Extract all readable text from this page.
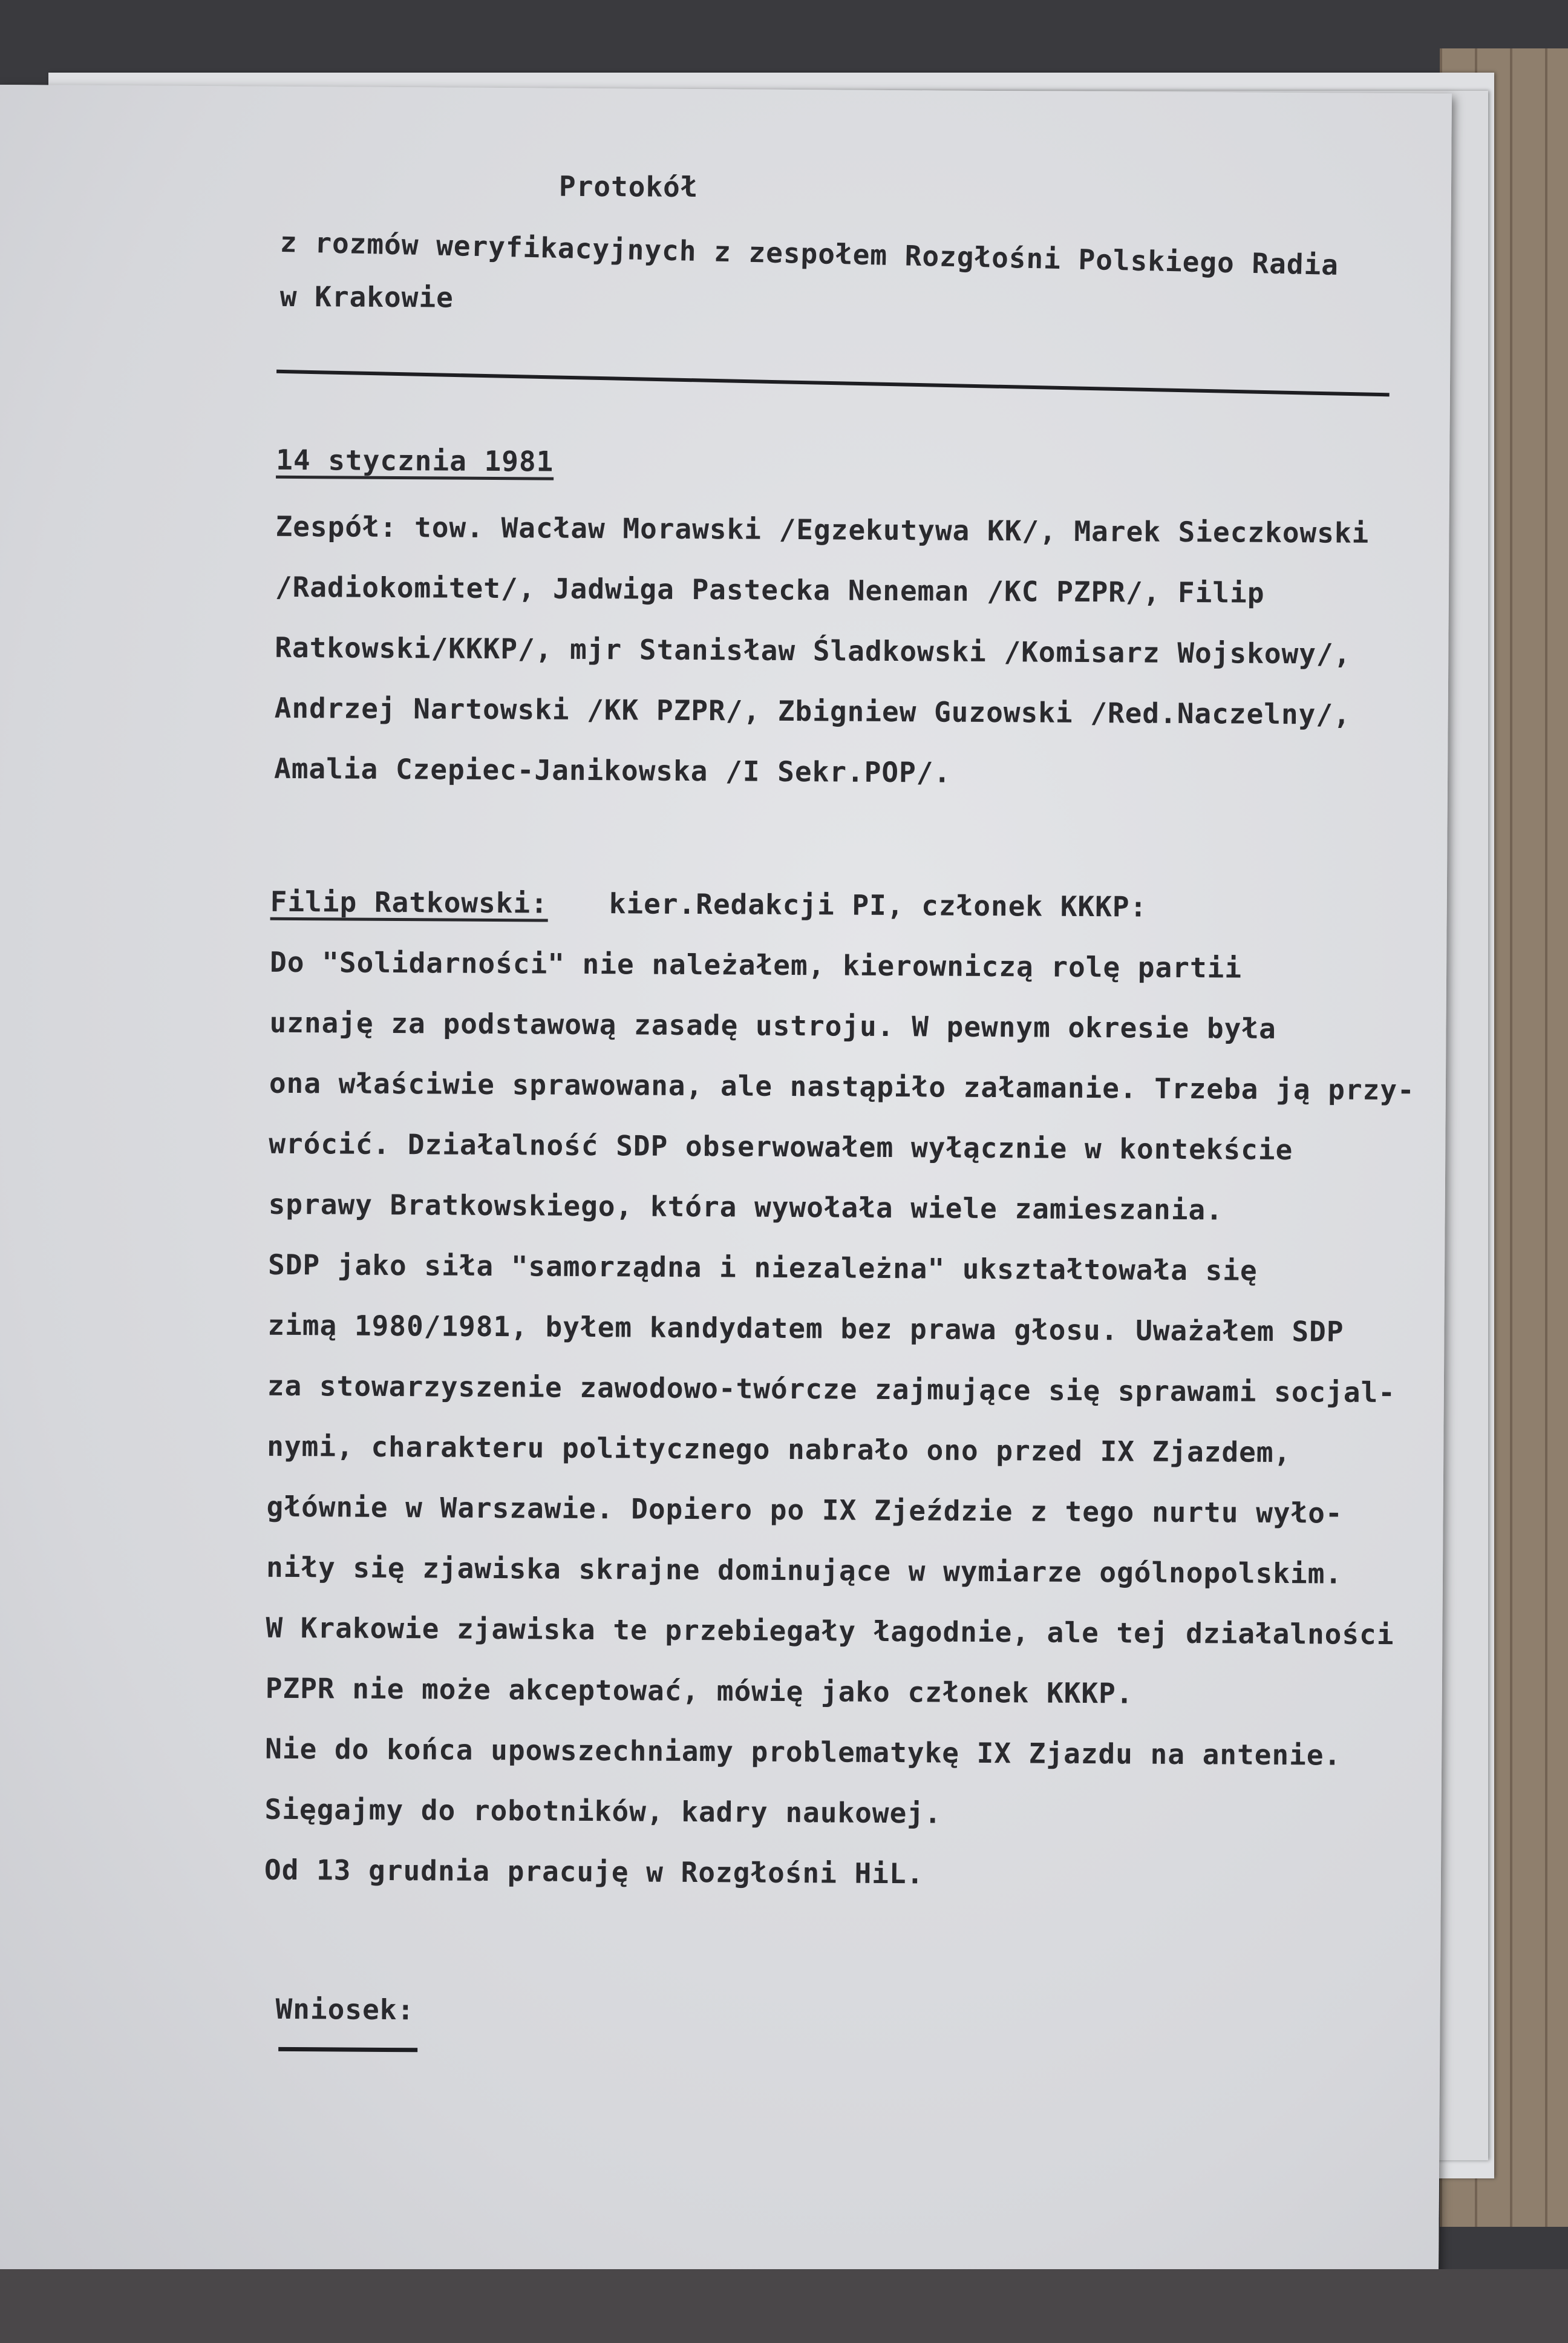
Protokół
z rozmów weryfikacyjnych z zespołem Rozgłośni Polskiego Radia
w Krakowie
14 stycznia 1981
Zespół: tow. Wacław Morawski /Egzekutywa KK/, Marek Sieczkowski
/Radiokomitet/, Jadwiga Pastecka Neneman /KC PZPR/, Filip
Ratkowski/KKKP/, mjr Stanisław Śladkowski /Komisarz Wojskowy/,
Andrzej Nartowski /KK PZPR/, Zbigniew Guzowski /Red.Naczelny/,
Amalia Czepiec-Janikowska /I Sekr.POP/.
Filip Ratkowski: kier.Redakcji PI, członek KKKP:
Do "Solidarności" nie należałem, kierowniczą rolę partii
uznaję za podstawową zasadę ustroju. W pewnym okresie była
ona właściwie sprawowana, ale nastąpiło załamanie. Trzeba ją przy-
wrócić. Działalność SDP obserwowałem wyłącznie w kontekście
sprawy Bratkowskiego, która wywołała wiele zamieszania.
SDP jako siła "samorządna i niezależna" ukształtowała się
zimą 1980/1981, byłem kandydatem bez prawa głosu. Uważałem SDP
za stowarzyszenie zawodowo-twórcze zajmujące się sprawami socjal-
nymi, charakteru politycznego nabrało ono przed IX Zjazdem,
głównie w Warszawie. Dopiero po IX Zjeździe z tego nurtu wyło-
niły się zjawiska skrajne dominujące w wymiarze ogólnopolskim.
W Krakowie zjawiska te przebiegały łagodnie, ale tej działalności
PZPR nie może akceptować, mówię jako członek KKKP.
Nie do końca upowszechniamy problematykę IX Zjazdu na antenie.
Sięgajmy do robotników, kadry naukowej.
Od 13 grudnia pracuję w Rozgłośni HiL.
Wniosek:
